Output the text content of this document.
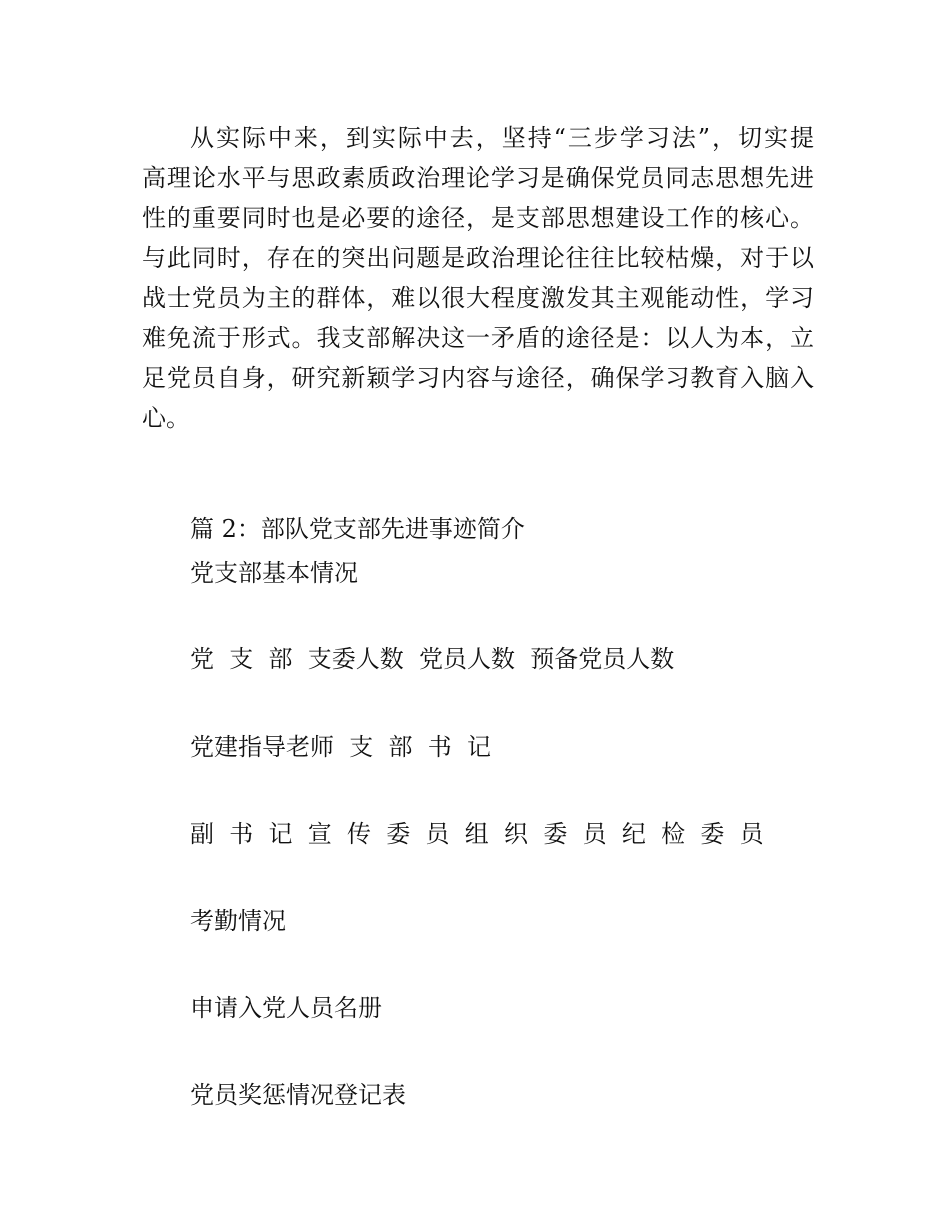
从实际中来，到实际中去，坚持“三步学习法”，切实提
高理论水平与思政素质政治理论学习是确保党员同志思想先进
性的重要同时也是必要的途径，是支部思想建设工作的核心。
与此同时，存在的突出问题是政治理论往往比较枯燥，对于以
战士党员为主的群体，难以很大程度激发其主观能动性，学习
难免流于形式。我支部解决这一矛盾的途径是：以人为本，立
足党员自身，研究新颖学习内容与途径，确保学习教育入脑入
心。
篇 2：部队党支部先进事迹简介
党支部基本情况
党  支  部  支委人数  党员人数  预备党员人数
党建指导老师  支  部  书  记
副  书  记  宣  传  委  员  组  织  委  员  纪  检  委  员
考勤情况
申请入党人员名册
党员奖惩情况登记表
